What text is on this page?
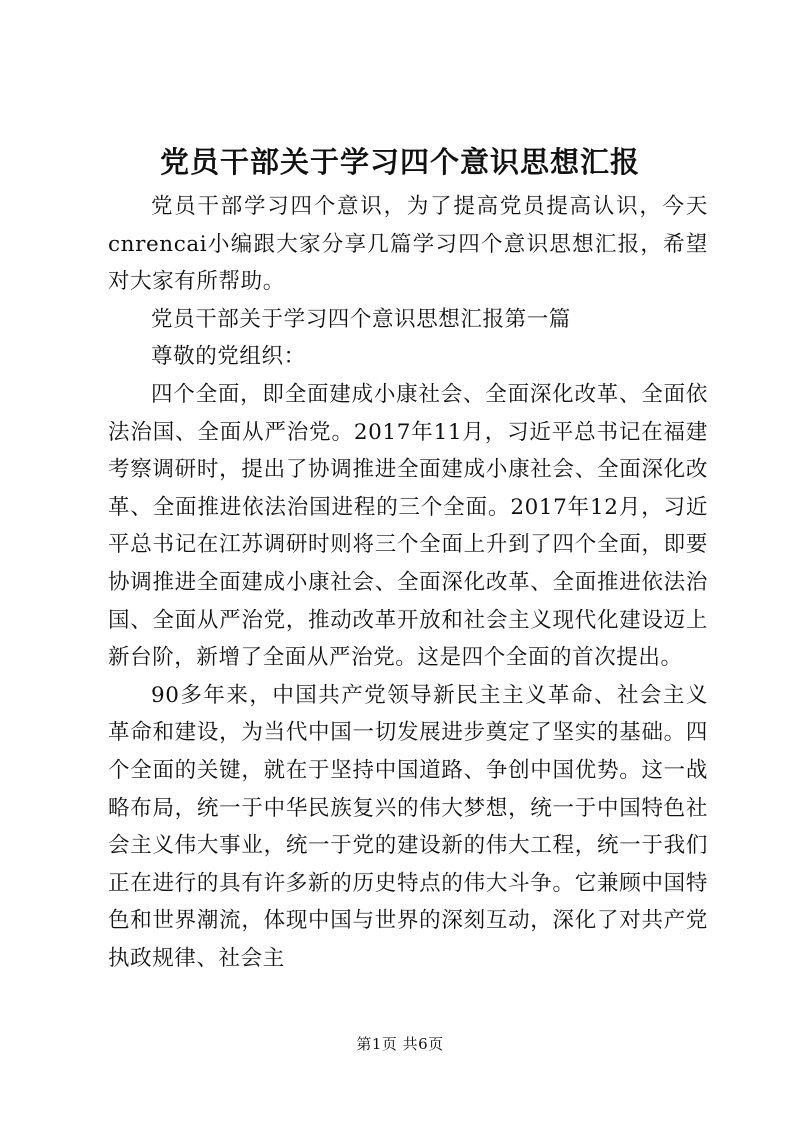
党员干部关于学习四个意识思想汇报

党员干部学习四个意识，为了提高党员提高认识，今天cnrencai小编跟大家分享几篇学习四个意识思想汇报，希望对大家有所帮助。

党员干部关于学习四个意识思想汇报第一篇

尊敬的党组织：

四个全面，即全面建成小康社会、全面深化改革、全面依法治国、全面从严治党。2017年11月，习近平总书记在福建考察调研时，提出了协调推进全面建成小康社会、全面深化改革、全面推进依法治国进程的三个全面。2017年12月，习近平总书记在江苏调研时则将三个全面上升到了四个全面，即要协调推进全面建成小康社会、全面深化改革、全面推进依法治国、全面从严治党，推动改革开放和社会主义现代化建设迈上新台阶，新增了全面从严治党。这是四个全面的首次提出。

90多年来，中国共产党领导新民主主义革命、社会主义革命和建设，为当代中国一切发展进步奠定了坚实的基础。四个全面的关键，就在于坚持中国道路、争创中国优势。这一战略布局，统一于中华民族复兴的伟大梦想，统一于中国特色社会主义伟大事业，统一于党的建设新的伟大工程，统一于我们正在进行的具有许多新的历史特点的伟大斗争。它兼顾中国特色和世界潮流，体现中国与世界的深刻互动，深化了对共产党执政规律、社会主

第1页 共6页
